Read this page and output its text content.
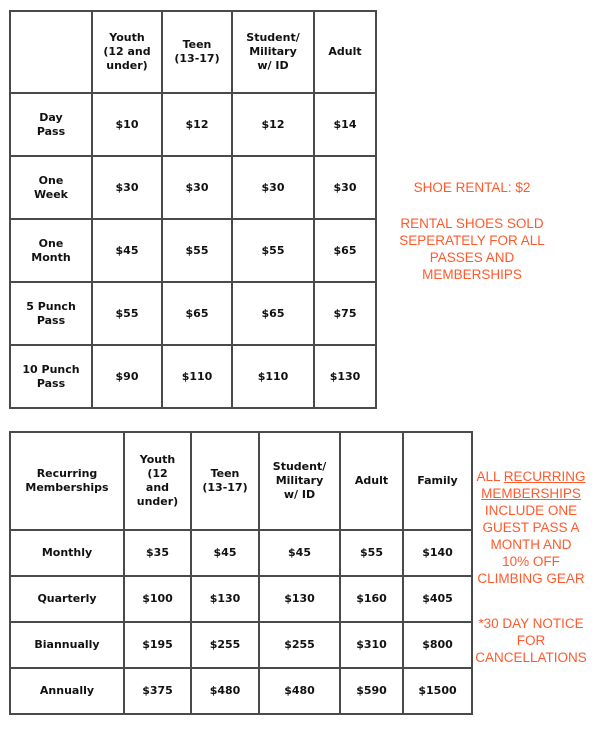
	Youth
(12 and
under)	Teen
(13-17)	Student/
Military
w/ ID	Adult
Day
Pass	$10	$12	$12	$14
One
Week	$30	$30	$30	$30
One
Month	$45	$55	$55	$65
5 Punch
Pass	$55	$65	$65	$75
10 Punch
Pass	$90	$110	$110	$130
SHOE RENTAL: $2
RENTAL SHOES SOLD
SEPERATELY FOR ALL
PASSES AND
MEMBERSHIPS
Recurring
Memberships	Youth
(12
and
under)	Teen
(13-17)	Student/
Military
w/ ID	Adult	Family
Monthly	$35	$45	$45	$55	$140
Quarterly	$100	$130	$130	$160	$405
Biannually	$195	$255	$255	$310	$800
Annually	$375	$480	$480	$590	$1500
ALL RECURRING
MEMBERSHIPS
INCLUDE ONE
GUEST PASS A
MONTH AND
10% OFF
CLIMBING GEAR
*30 DAY NOTICE
FOR
CANCELLATIONS
